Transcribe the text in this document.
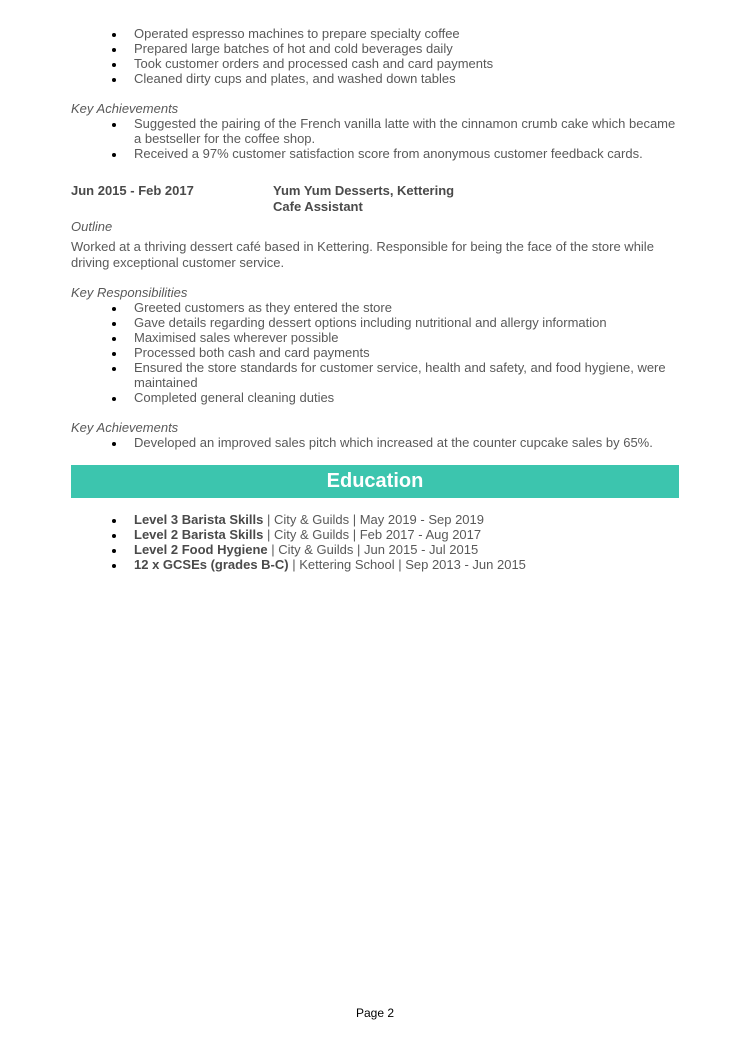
Operated espresso machines to prepare specialty coffee
Prepared large batches of hot and cold beverages daily
Took customer orders and processed cash and card payments
Cleaned dirty cups and plates, and washed down tables
Key Achievements
Suggested the pairing of the French vanilla latte with the cinnamon crumb cake which became a bestseller for the coffee shop.
Received a 97% customer satisfaction score from anonymous customer feedback cards.
Jun 2015 - Feb 2017	Yum Yum Desserts, Kettering
Cafe Assistant
Outline
Worked at a thriving dessert café based in Kettering. Responsible for being the face of the store while driving exceptional customer service.
Key Responsibilities
Greeted customers as they entered the store
Gave details regarding dessert options including nutritional and allergy information
Maximised sales wherever possible
Processed both cash and card payments
Ensured the store standards for customer service, health and safety, and food hygiene, were maintained
Completed general cleaning duties
Key Achievements
Developed an improved sales pitch which increased at the counter cupcake sales by 65%.
Education
Level 3 Barista Skills | City & Guilds | May 2019 - Sep 2019
Level 2 Barista Skills | City & Guilds | Feb 2017 - Aug 2017
Level 2 Food Hygiene | City & Guilds | Jun 2015 - Jul 2015
12 x GCSEs (grades B-C) | Kettering School | Sep 2013 - Jun 2015
Page 2
